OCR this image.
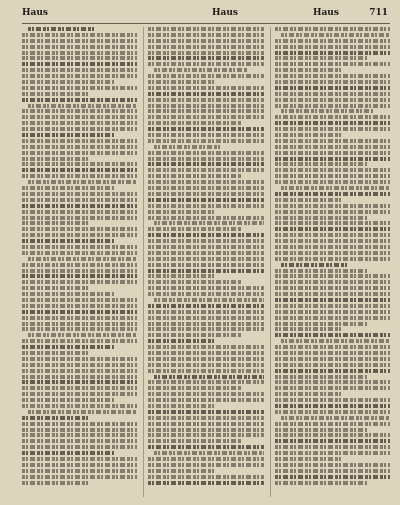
Haus	Haus	Haus	711
